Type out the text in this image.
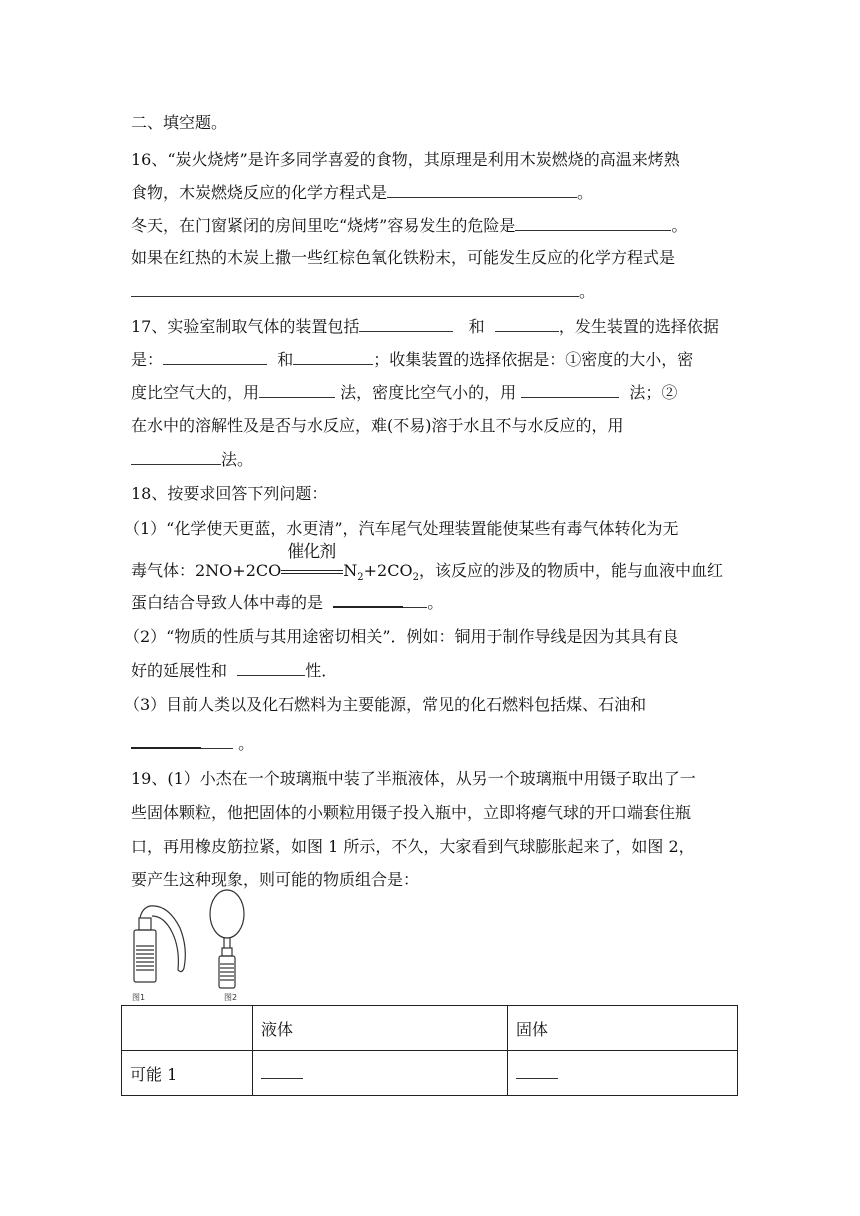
二、填空题。
16、“炭火烧烤”是许多同学喜爱的食物，其原理是利用木炭燃烧的高温来烤熟
食物，木炭燃烧反应的化学方程式是	。
冬天，在门窗紧闭的房间里吃“烧烤”容易发生的危险是	。
如果在红热的木炭上撒一些红棕色氧化铁粉末，可能发生反应的化学方程式是
。
17、实验室制取气体的装置包括	和	，发生装置的选择依据
是：	和	；收集装置的选择依据是：①密度的大小，密
度比空气大的，用	法，密度比空气小的，用	法；②
在水中的溶解性及是否与水反应，难(不易)溶于水且不与水反应的，用
法。
18、按要求回答下列问题：
（1）“化学使天更蓝，水更清”，汽车尾气处理装置能使某些有毒气体转化为无
毒气体：2NO+2CO
催化剂
$N_2+2CO_2$，该反应的涉及的物质中，能与血液中血红
蛋白结合导致人体中毒的是	。
（2）“物质的性质与其用途密切相关”．例如：铜用于制作导线是因为其具有良
好的延展性和	性．
（3）目前人类以及化石燃料为主要能源，常见的化石燃料包括煤、石油和
。
19、(1）小杰在一个玻璃瓶中装了半瓶液体，从另一个玻璃瓶中用镊子取出了一
些固体颗粒，他把固体的小颗粒用镊子投入瓶中，立即将瘪气球的开口端套住瓶
口，再用橡皮筋拉紧，如图 1 所示，不久，大家看到气球膨胀起来了，如图 2，
要产生这种现象，则可能的物质组合是：
图1	图2
	液体	固体
可能 1		
